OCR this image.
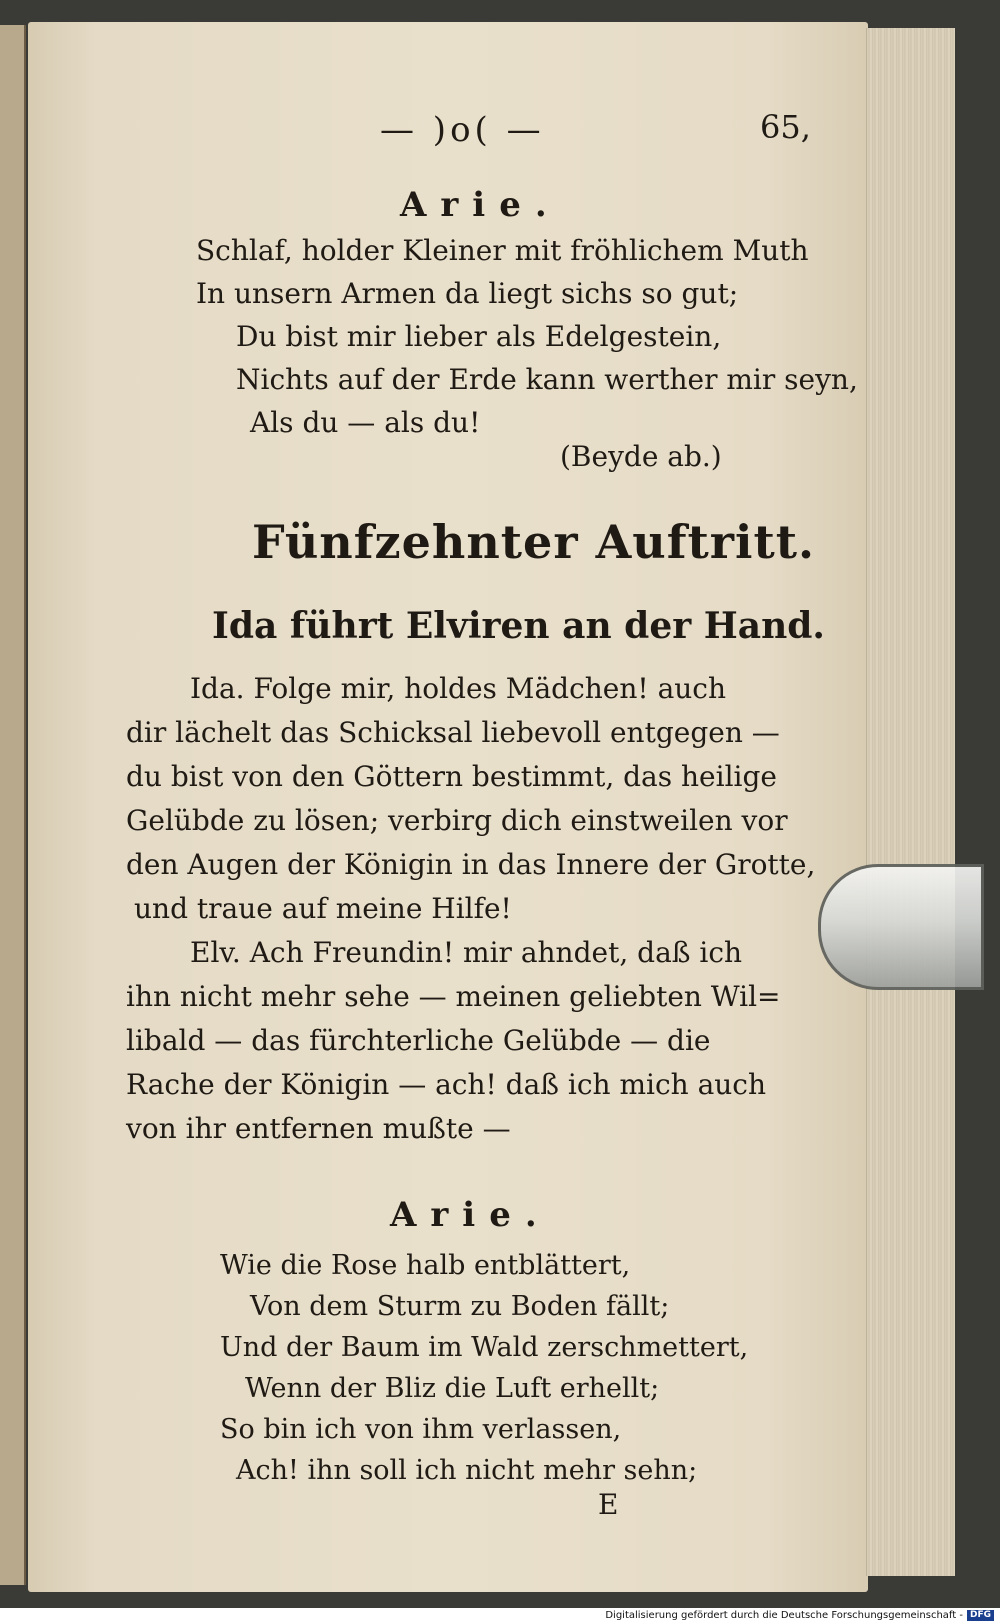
— )o( —	65,
Arie.
Schlaf, holder Kleiner mit fröhlichem Muth
In unsern Armen da liegt sichs so gut;
Du bist mir lieber als Edelgestein,
Nichts auf der Erde kann werther mir seyn,
Als du — als du!
(Beyde ab.)
Fünfzehnter Auftritt.
Ida führt Elviren an der Hand.
Ida. Folge mir, holdes Mädchen! auch
dir lächelt das Schicksal liebevoll entgegen —
du bist von den Göttern bestimmt, das heilige
Gelübde zu lösen; verbirg dich einstweilen vor
den Augen der Königin in das Innere der Grotte,
und traue auf meine Hilfe!
Elv. Ach Freundin! mir ahndet, daß ich
ihn nicht mehr sehe — meinen geliebten Wil=
libald — das fürchterliche Gelübde — die
Rache der Königin — ach! daß ich mich auch
von ihr entfernen mußte —
Arie.
Wie die Rose halb entblättert,
Von dem Sturm zu Boden fällt;
Und der Baum im Wald zerschmettert,
Wenn der Bliz die Luft erhellt;
So bin ich von ihm verlassen,
Ach! ihn soll ich nicht mehr sehn;
E
Digitalisierung gefördert durch die Deutsche Forschungsgemeinschaft - DFG
